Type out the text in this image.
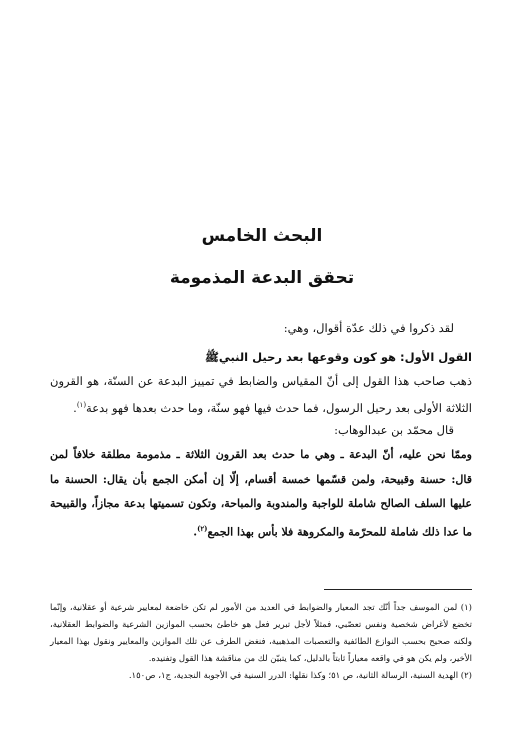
البحث الخامس
تحقق البدعة المذمومة
لقد ذكروا في ذلك عدّة أقوال، وهي:
القول الأول: هو كون وقوعها بعد رحيل النبيﷺ
ذهب صاحب هذا القول إلى أنّ المقياس والضابط في تمييز البدعة عن السنّة، هو القرون الثلاثة الأولى بعد رحيل الرسول، فما حدث فيها فهو سنّة، وما حدث بعدها فهو بدعة$^{(١)}$.
قال محمّد بن عبدالوهاب:
وممّا نحن عليه، أنّ البدعة ـ وهي ما حدث بعد القرون الثلاثة ـ مذمومة مطلقة خلافاً لمن قال: حسنة وقبيحة، ولمن قسّمها خمسة أقسام، إلّا إن أمكن الجمع بأن يقال: الحسنة ما عليها السلف الصالح شاملة للواجبة والمندوبة والمباحة، وتكون تسميتها بدعة مجازاً، والقبيحة ما عدا ذلك شاملة للمحرّمة والمكروهة فلا بأس بهذا الجمع$^{(٢)}$.

(١) لمن الموسف جداً أنّك تجد المعيار والضوابط في العديد من الأمور لم تكن خاضعة لمعايير شرعية أو عقلانية، وإنّما تخضع لأغراض شخصية ونفس تعصّبي، فمثلاً لأجل تبرير فعل هو خاطئ بحسب الموازين الشرعية والضوابط العقلانية، ولكنه صحيح بحسب النوازع الطائفية والتعصبات المذهبية، فنغض الطرف عن تلك الموازين والمعايير ونقول بهذا المعيار الأخير، ولم يكن هو في واقعه معياراً ثابتاً بالدليل، كما يتبيّن لك من مناقشة هذا القول وتفنيده.

(٢) الهدية السنية، الرسالة الثانية، ص ٥١؛ وكذا نقلها: الدرر السنية في الأجوبة النجدية، ج١، ص١٥٠.
